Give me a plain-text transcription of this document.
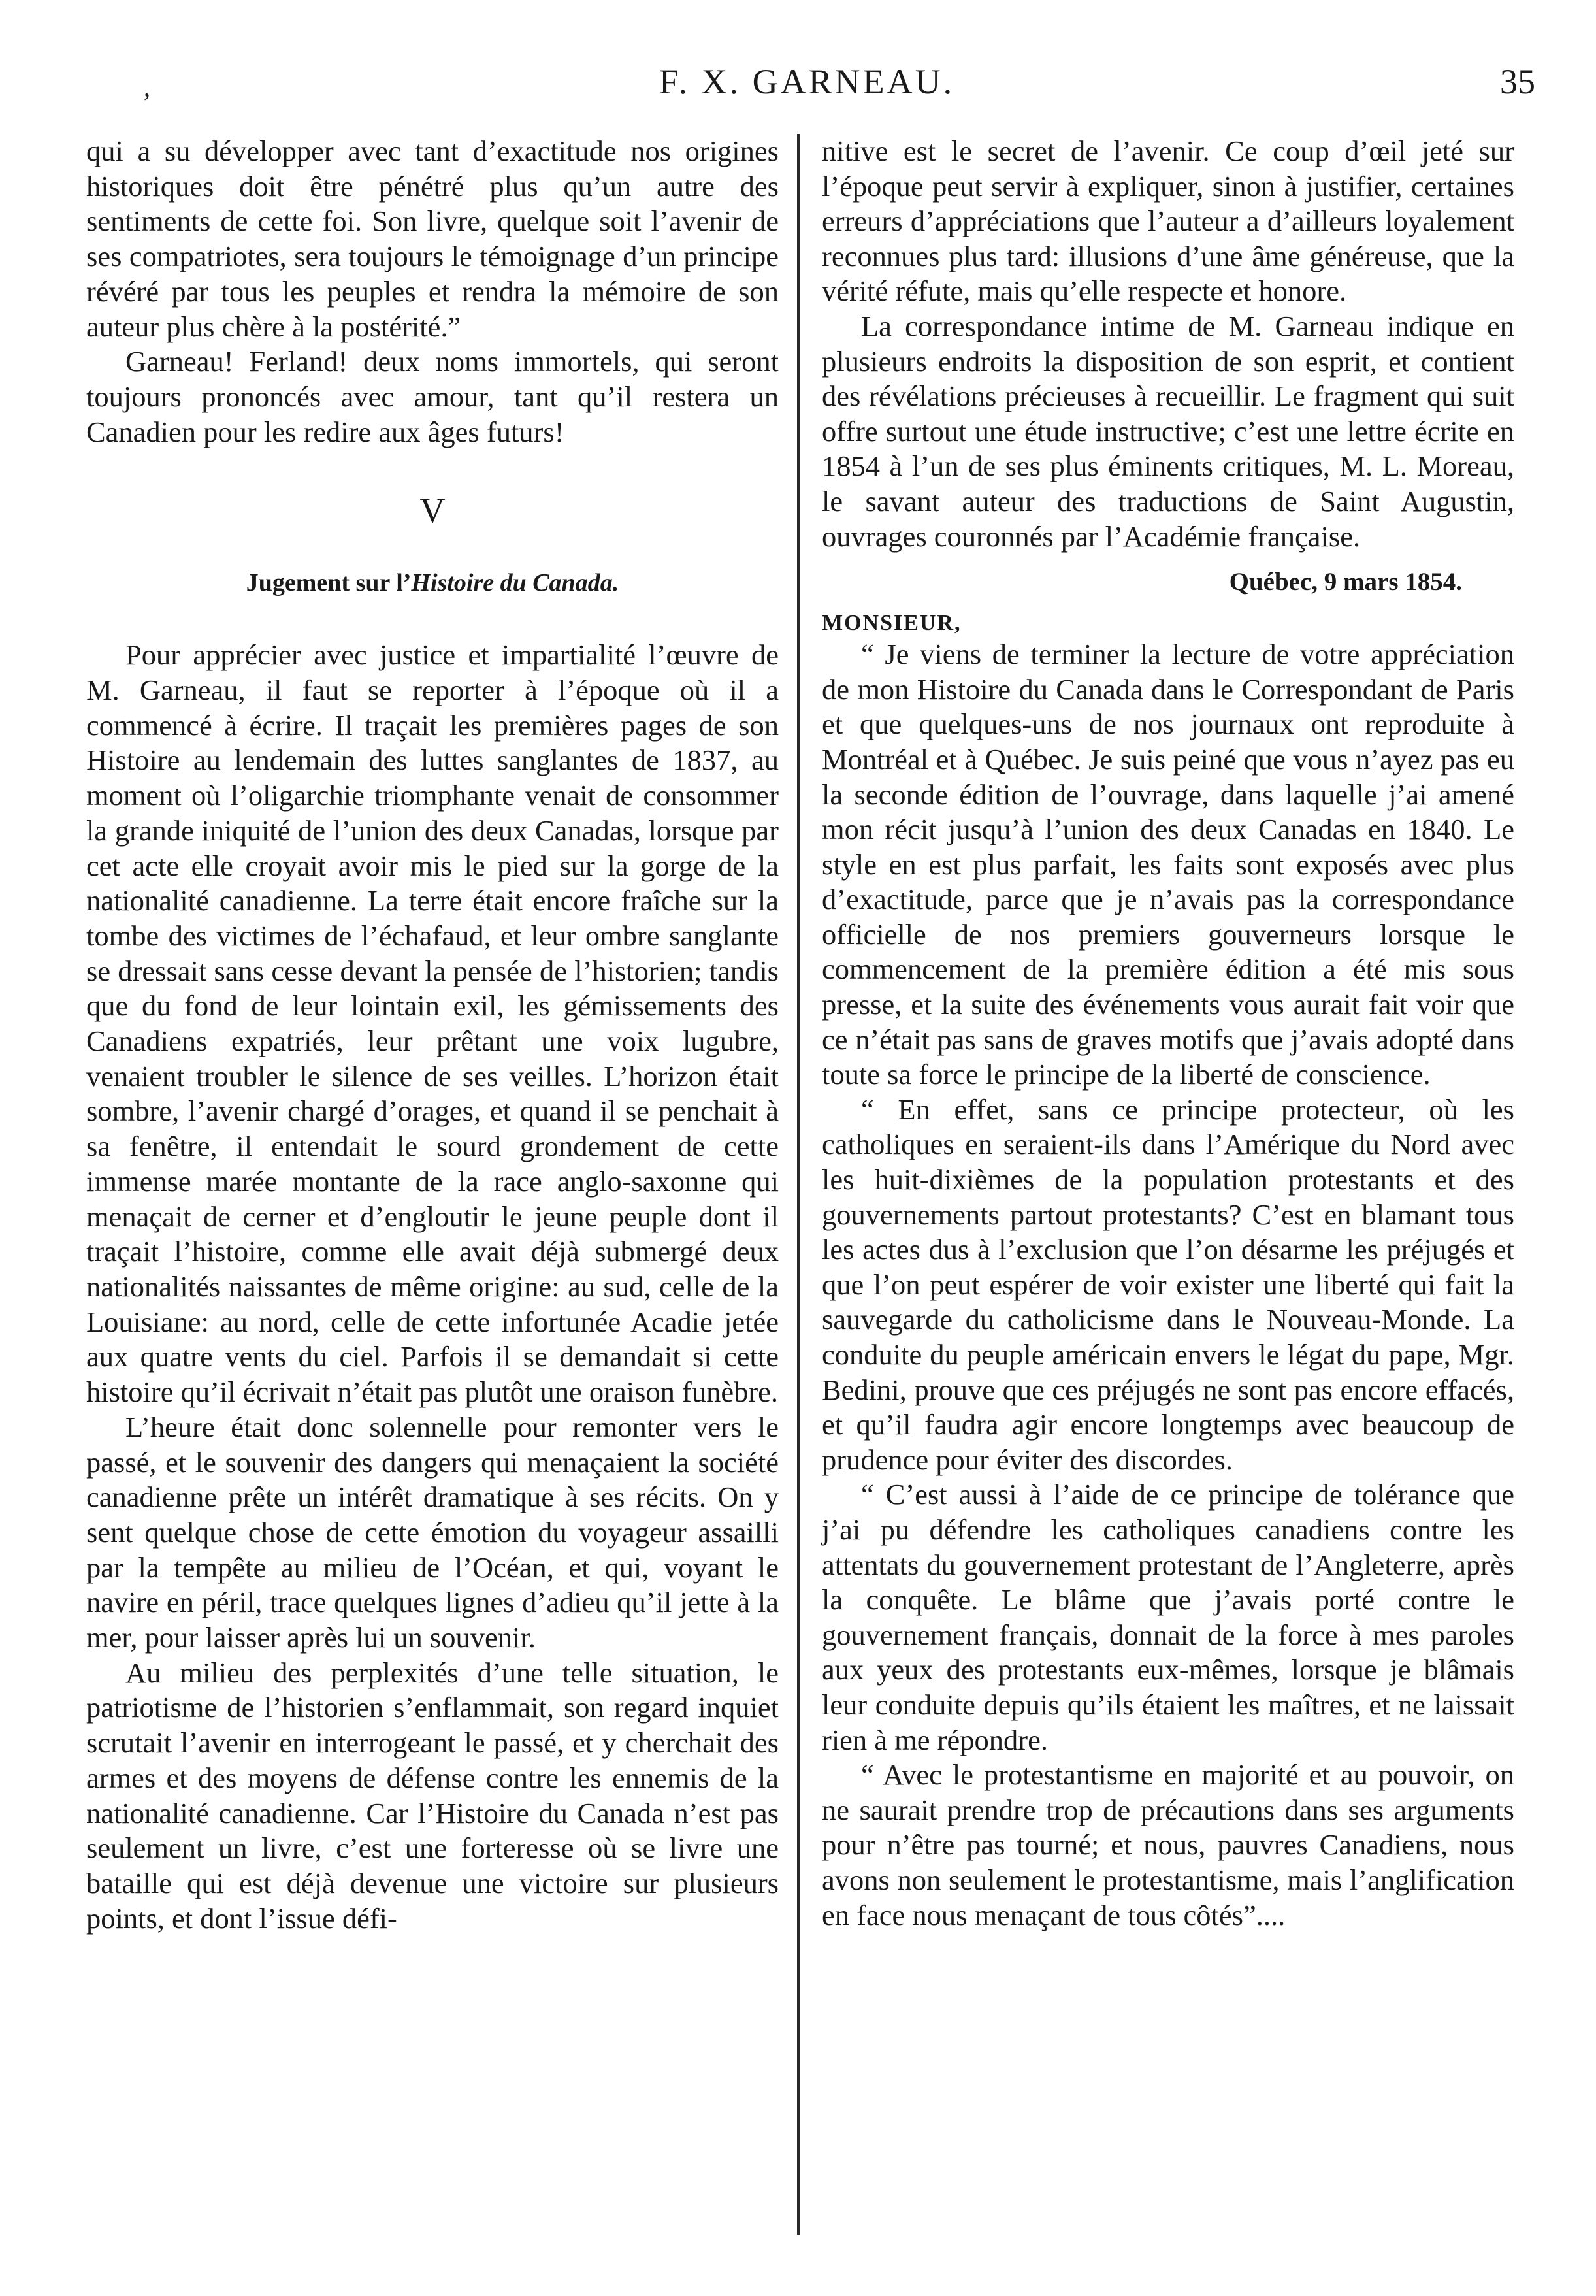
,	F. X. GARNEAU.	35

qui a su développer avec tant d’exactitude nos origines historiques doit être pénétré plus qu’un autre des sentiments de cette foi. Son livre, quelque soit l’avenir de ses compatriotes, sera toujours le témoignage d’un principe révéré par tous les peuples et rendra la mémoire de son auteur plus chère à la postérité.”

Garneau! Ferland! deux noms immortels, qui seront toujours prononcés avec amour, tant qu’il restera un Canadien pour les redire aux âges futurs!

V
Jugement sur l’Histoire du Canada.

Pour apprécier avec justice et impartialité l’œuvre de M. Garneau, il faut se reporter à l’époque où il a commencé à écrire. Il traçait les premières pages de son Histoire au lendemain des luttes sanglantes de 1837, au moment où l’oligarchie triomphante venait de consommer la grande iniquité de l’union des deux Canadas, lorsque par cet acte elle croyait avoir mis le pied sur la gorge de la nationalité canadienne. La terre était encore fraîche sur la tombe des victimes de l’échafaud, et leur ombre sanglante se dressait sans cesse devant la pensée de l’historien; tandis que du fond de leur lointain exil, les gémissements des Canadiens expatriés, leur prêtant une voix lugubre, venaient troubler le silence de ses veilles. L’horizon était sombre, l’avenir chargé d’orages, et quand il se penchait à sa fenêtre, il entendait le sourd grondement de cette immense marée montante de la race anglo-saxonne qui menaçait de cerner et d’engloutir le jeune peuple dont il traçait l’histoire, comme elle avait déjà submergé deux nationalités naissantes de même origine: au sud, celle de la Louisiane: au nord, celle de cette infortunée Acadie jetée aux quatre vents du ciel. Parfois il se demandait si cette histoire qu’il écrivait n’était pas plutôt une oraison funèbre.

L’heure était donc solennelle pour remonter vers le passé, et le souvenir des dangers qui menaçaient la société canadienne prête un intérêt dramatique à ses récits. On y sent quelque chose de cette émotion du voyageur assailli par la tempête au milieu de l’Océan, et qui, voyant le navire en péril, trace quelques lignes d’adieu qu’il jette à la mer, pour laisser après lui un souvenir.

Au milieu des perplexités d’une telle situation, le patriotisme de l’historien s’enflammait, son regard inquiet scrutait l’avenir en interrogeant le passé, et y cherchait des armes et des moyens de défense contre les ennemis de la nationalité canadienne. Car l’Histoire du Canada n’est pas seulement un livre, c’est une forteresse où se livre une bataille qui est déjà devenue une victoire sur plusieurs points, et dont l’issue défi-

nitive est le secret de l’avenir. Ce coup d’œil jeté sur l’époque peut servir à expliquer, sinon à justifier, certaines erreurs d’appréciations que l’auteur a d’ailleurs loyalement reconnues plus tard: illusions d’une âme généreuse, que la vérité réfute, mais qu’elle respecte et honore.

La correspondance intime de M. Garneau indique en plusieurs endroits la disposition de son esprit, et contient des révélations précieuses à recueillir. Le fragment qui suit offre surtout une étude instructive; c’est une lettre écrite en 1854 à l’un de ses plus éminents critiques, M. L. Moreau, le savant auteur des traductions de Saint Augustin, ouvrages couronnés par l’Académie française.

Québec, 9 mars 1854.
MONSIEUR,

“ Je viens de terminer la lecture de votre appréciation de mon Histoire du Canada dans le Correspondant de Paris et que quelques-uns de nos journaux ont reproduite à Montréal et à Québec. Je suis peiné que vous n’ayez pas eu la seconde édition de l’ouvrage, dans laquelle j’ai amené mon récit jusqu’à l’union des deux Canadas en 1840. Le style en est plus parfait, les faits sont exposés avec plus d’exactitude, parce que je n’avais pas la correspondance officielle de nos premiers gouverneurs lorsque le commencement de la première édition a été mis sous presse, et la suite des événements vous aurait fait voir que ce n’était pas sans de graves motifs que j’avais adopté dans toute sa force le principe de la liberté de conscience.

“ En effet, sans ce principe protecteur, où les catholiques en seraient-ils dans l’Amérique du Nord avec les huit-dixièmes de la population protestants et des gouvernements partout protestants? C’est en blamant tous les actes dus à l’exclusion que l’on désarme les préjugés et que l’on peut espérer de voir exister une liberté qui fait la sauvegarde du catholicisme dans le Nouveau-Monde. La conduite du peuple américain envers le légat du pape, Mgr. Bedini, prouve que ces préjugés ne sont pas encore effacés, et qu’il faudra agir encore longtemps avec beaucoup de prudence pour éviter des discordes.

“ C’est aussi à l’aide de ce principe de tolérance que j’ai pu défendre les catholiques canadiens contre les attentats du gouvernement protestant de l’Angleterre, après la conquête. Le blâme que j’avais porté contre le gouvernement français, donnait de la force à mes paroles aux yeux des protestants eux-mêmes, lorsque je blâmais leur conduite depuis qu’ils étaient les maîtres, et ne laissait rien à me répondre.

“ Avec le protestantisme en majorité et au pouvoir, on ne saurait prendre trop de précautions dans ses arguments pour n’être pas tourné; et nous, pauvres Canadiens, nous avons non seulement le protestantisme, mais l’anglification en face nous menaçant de tous côtés”....
